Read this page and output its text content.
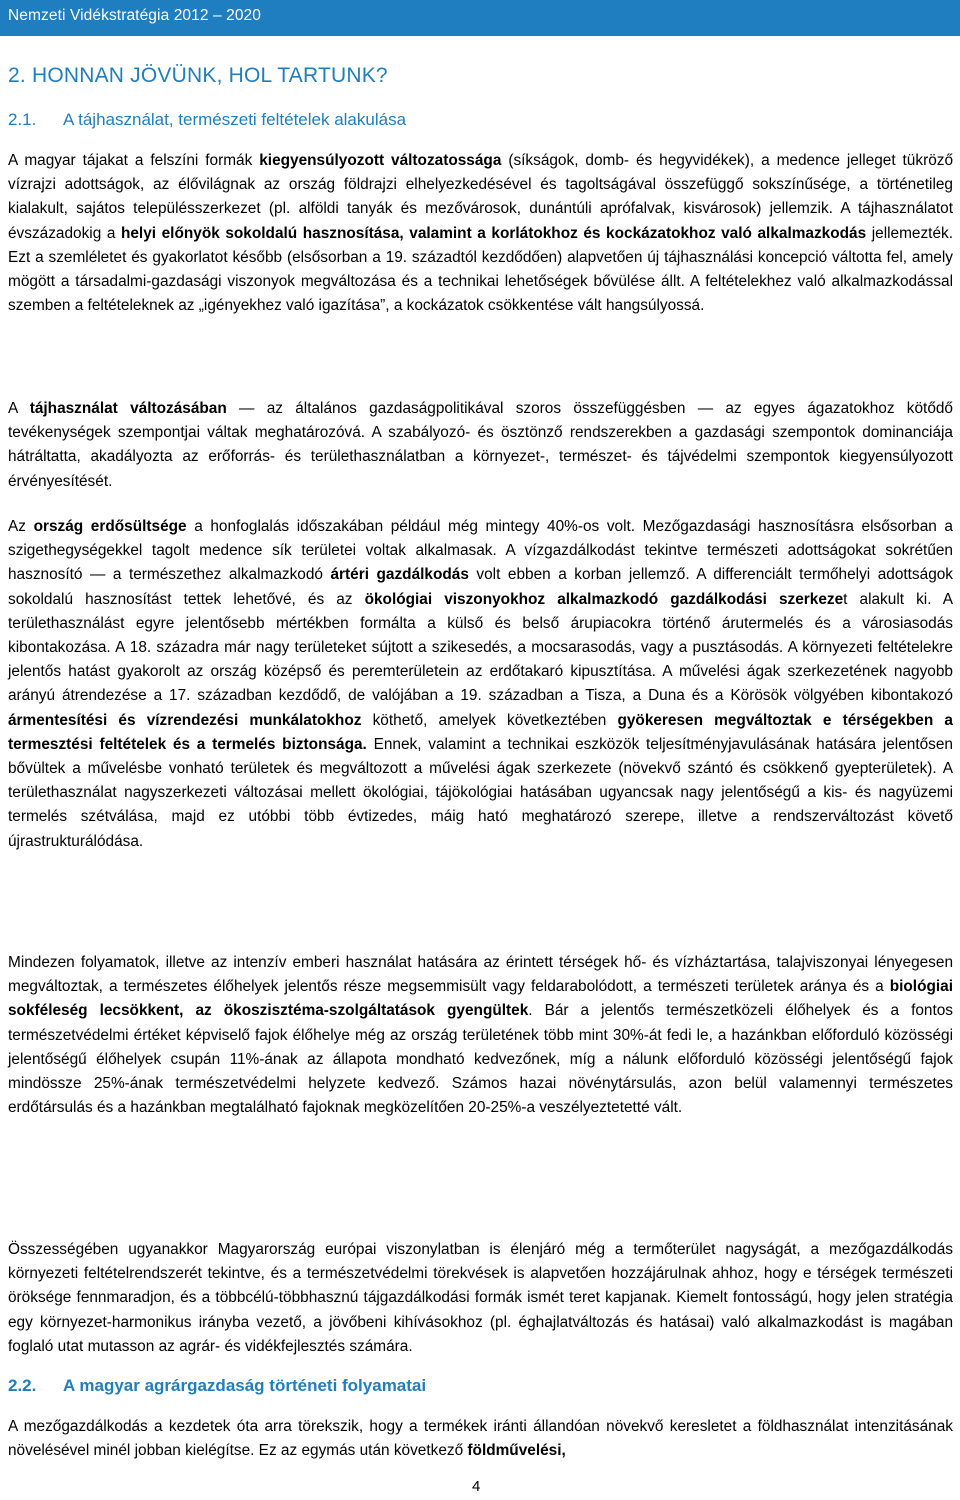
Nemzeti Vidékstratégia 2012 – 2020
2. HONNAN JÖVÜNK, HOL TARTUNK?
2.1. A tájhasználat, természeti feltételek alakulása

A magyar tájakat a felszíni formák kiegyensúlyozott változatossága (síkságok, domb- és hegyvidékek), a medence jelleget tükröző vízrajzi adottságok, az élővilágnak az ország földrajzi elhelyezkedésével és tagoltságával összefüggő sokszínűsége, a történetileg kialakult, sajátos településszerkezet (pl. alföldi tanyák és mezővárosok, dunántúli aprófalvak, kisvárosok) jellemzik. A tájhasználatot évszázadokig a helyi előnyök sokoldalú hasznosítása, valamint a korlátokhoz és kockázatokhoz való alkalmazkodás jellemezték. Ezt a szemléletet és gyakorlatot később (elsősorban a 19. századtól kezdődően) alapvetően új tájhasználási koncepció váltotta fel, amely mögött a társadalmi-gazdasági viszonyok megváltozása és a technikai lehetőségek bővülése állt. A feltételekhez való alkalmazkodással szemben a feltételeknek az „igényekhez való igazítása”, a kockázatok csökkentése vált hangsúlyossá.

A tájhasználat változásában — az általános gazdaságpolitikával szoros összefüggésben — az egyes ágazatokhoz kötődő tevékenységek szempontjai váltak meghatározóvá. A szabályozó- és ösztönző rendszerekben a gazdasági szempontok dominanciája hátráltatta, akadályozta az erőforrás- és területhasználatban a környezet-, természet- és tájvédelmi szempontok kiegyensúlyozott érvényesítését.

Az ország erdősültsége a honfoglalás időszakában például még mintegy 40%-os volt. Mezőgazdasági hasznosításra elsősorban a szigethegységekkel tagolt medence sík területei voltak alkalmasak. A vízgazdálkodást tekintve természeti adottságokat sokrétűen hasznosító — a természethez alkalmazkodó ártéri gazdálkodás volt ebben a korban jellemző. A differenciált termőhelyi adottságok sokoldalú hasznosítást tettek lehetővé, és az ökológiai viszonyokhoz alkalmazkodó gazdálkodási szerkezet alakult ki. A területhasználást egyre jelentősebb mértékben formálta a külső és belső árupiacokra történő árutermelés és a városiasodás kibontakozása. A 18. századra már nagy területeket sújtott a szikesedés, a mocsarasodás, vagy a pusztásodás. A környezeti feltételekre jelentős hatást gyakorolt az ország középső és peremterületein az erdőtakaró kipusztítása. A művelési ágak szerkezetének nagyobb arányú átrendezése a 17. században kezdődő, de valójában a 19. században a Tisza, a Duna és a Körösök völgyében kibontakozó ármentesítési és vízrendezési munkálatokhoz köthető, amelyek következtében gyökeresen megváltoztak e térségekben a termesztési feltételek és a termelés biztonsága. Ennek, valamint a technikai eszközök teljesítményjavulásának hatására jelentősen bővültek a művelésbe vonható területek és megváltozott a művelési ágak szerkezete (növekvő szántó és csökkenő gyepterületek). A területhasználat nagyszerkezeti változásai mellett ökológiai, tájökológiai hatásában ugyancsak nagy jelentőségű a kis- és nagyüzemi termelés szétválása, majd ez utóbbi több évtizedes, máig ható meghatározó szerepe, illetve a rendszerváltozást követő újrastrukturálódása.

Mindezen folyamatok, illetve az intenzív emberi használat hatására az érintett térségek hő- és vízháztartása, talajviszonyai lényegesen megváltoztak, a természetes élőhelyek jelentős része megsemmisült vagy feldarabolódott, a természeti területek aránya és a biológiai sokféleség lecsökkent, az ökoszisztéma-szolgáltatások gyengültek. Bár a jelentős természetközeli élőhelyek és a fontos természetvédelmi értéket képviselő fajok élőhelye még az ország területének több mint 30%-át fedi le, a hazánkban előforduló közösségi jelentőségű élőhelyek csupán 11%-ának az állapota mondható kedvezőnek, míg a nálunk előforduló közösségi jelentőségű fajok mindössze 25%-ának természetvédelmi helyzete kedvező. Számos hazai növénytársulás, azon belül valamennyi természetes erdőtársulás és a hazánkban megtalálható fajoknak megközelítően 20-25%-a veszélyeztetetté vált.

Összességében ugyanakkor Magyarország európai viszonylatban is élenjáró még a termőterület nagyságát, a mezőgazdálkodás környezeti feltételrendszerét tekintve, és a természetvédelmi törekvések is alapvetően hozzájárulnak ahhoz, hogy e térségek természeti öröksége fennmaradjon, és a többcélú-többhasznú tájgazdálkodási formák ismét teret kapjanak. Kiemelt fontosságú, hogy jelen stratégia egy környezet-harmonikus irányba vezető, a jövőbeni kihívásokhoz (pl. éghajlatváltozás és hatásai) való alkalmazkodást is magában foglaló utat mutasson az agrár- és vidékfejlesztés számára.

2.2. A magyar agrárgazdaság történeti folyamatai

A mezőgazdálkodás a kezdetek óta arra törekszik, hogy a termékek iránti állandóan növekvő keresletet a földhasználat intenzitásának növelésével minél jobban kielégítse. Ez az egymás után következő földművelési,

4
